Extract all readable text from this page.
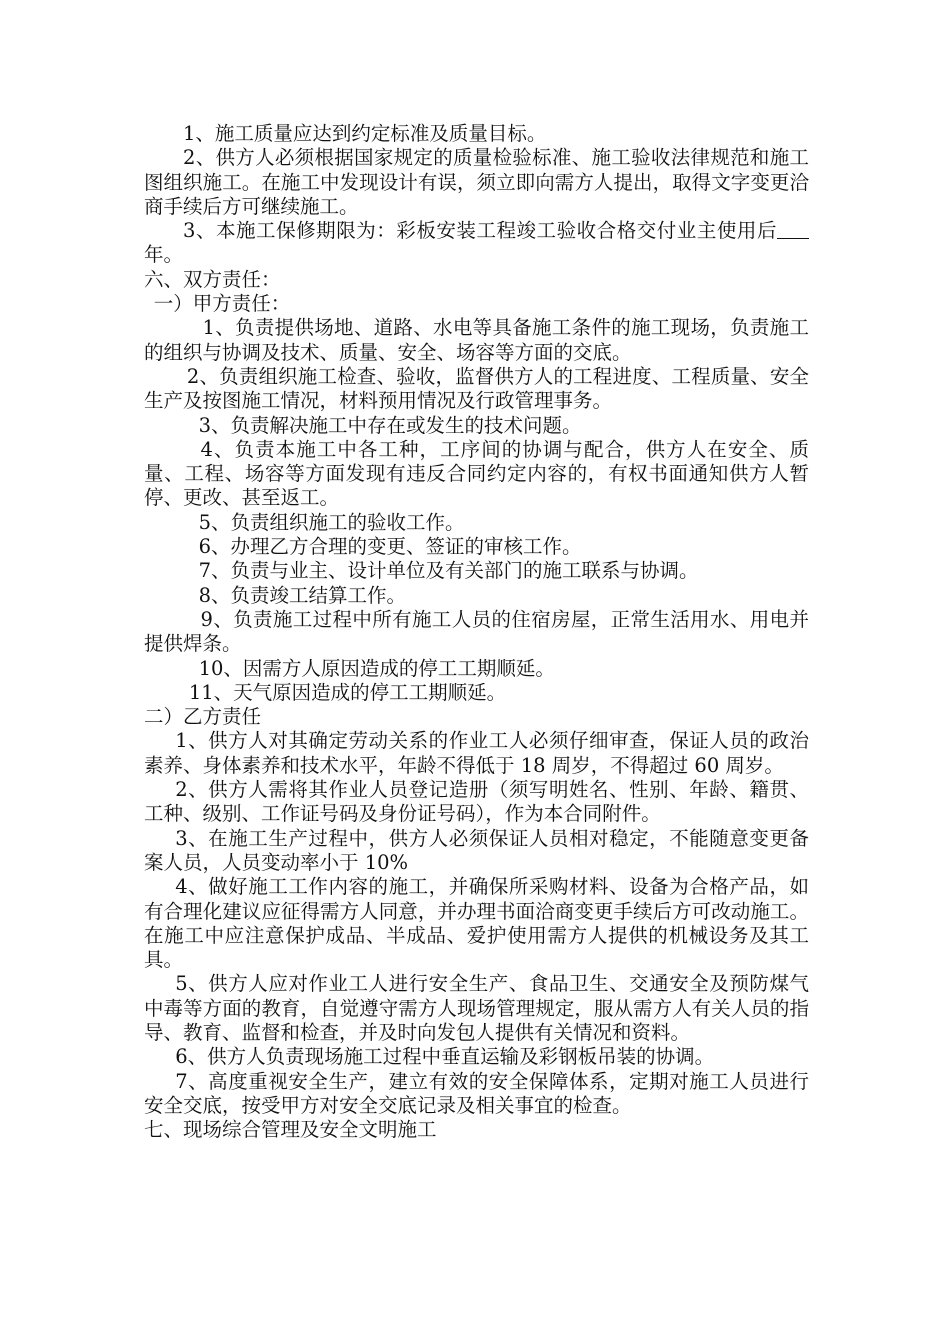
1、施工质量应达到约定标准及质量目标。

2、供方人必须根据国家规定的质量检验标准、施工验收法律规范和施工图组织施工。在施工中发现设计有误，须立即向需方人提出，取得文字变更洽商手续后方可继续施工。

3、本施工保修期限为：彩板安装工程竣工验收合格交付业主使用后年。

六、双方责任：

一）甲方责任：

1、负责提供场地、道路、水电等具备施工条件的施工现场，负责施工的组织与协调及技术、质量、安全、场容等方面的交底。

2、负责组织施工检查、验收，监督供方人的工程进度、工程质量、安全生产及按图施工情况，材料预用情况及行政管理事务。

3、负责解决施工中存在或发生的技术问题。

4、负责本施工中各工种，工序间的协调与配合，供方人在安全、质量、工程、场容等方面发现有违反合同约定内容的，有权书面通知供方人暂停、更改、甚至返工。

5、负责组织施工的验收工作。

6、办理乙方合理的变更、签证的审核工作。

7、负责与业主、设计单位及有关部门的施工联系与协调。

8、负责竣工结算工作。

9、负责施工过程中所有施工人员的住宿房屋，正常生活用水、用电并提供焊条。

10、因需方人原因造成的停工工期顺延。

11、天气原因造成的停工工期顺延。

二）乙方责任

1、供方人对其确定劳动关系的作业工人必须仔细审查，保证人员的政治素养、身体素养和技术水平，年龄不得低于 18 周岁，不得超过 60 周岁。

2、供方人需将其作业人员登记造册（须写明姓名、性别、年龄、籍贯、工种、级别、工作证号码及身份证号码），作为本合同附件。

3、在施工生产过程中，供方人必须保证人员相对稳定，不能随意变更备案人员，人员变动率小于 10%

4、做好施工工作内容的施工，并确保所采购材料、设备为合格产品，如有合理化建议应征得需方人同意，并办理书面洽商变更手续后方可改动施工。在施工中应注意保护成品、半成品、爱护使用需方人提供的机械设务及其工具。

5、供方人应对作业工人进行安全生产、食品卫生、交通安全及预防煤气中毒等方面的教育，自觉遵守需方人现场管理规定，服从需方人有关人员的指导、教育、监督和检查，并及时向发包人提供有关情况和资料。

6、供方人负责现场施工过程中垂直运输及彩钢板吊装的协调。

7、高度重视安全生产，建立有效的安全保障体系，定期对施工人员进行安全交底，按受甲方对安全交底记录及相关事宜的检查。

七、现场综合管理及安全文明施工
